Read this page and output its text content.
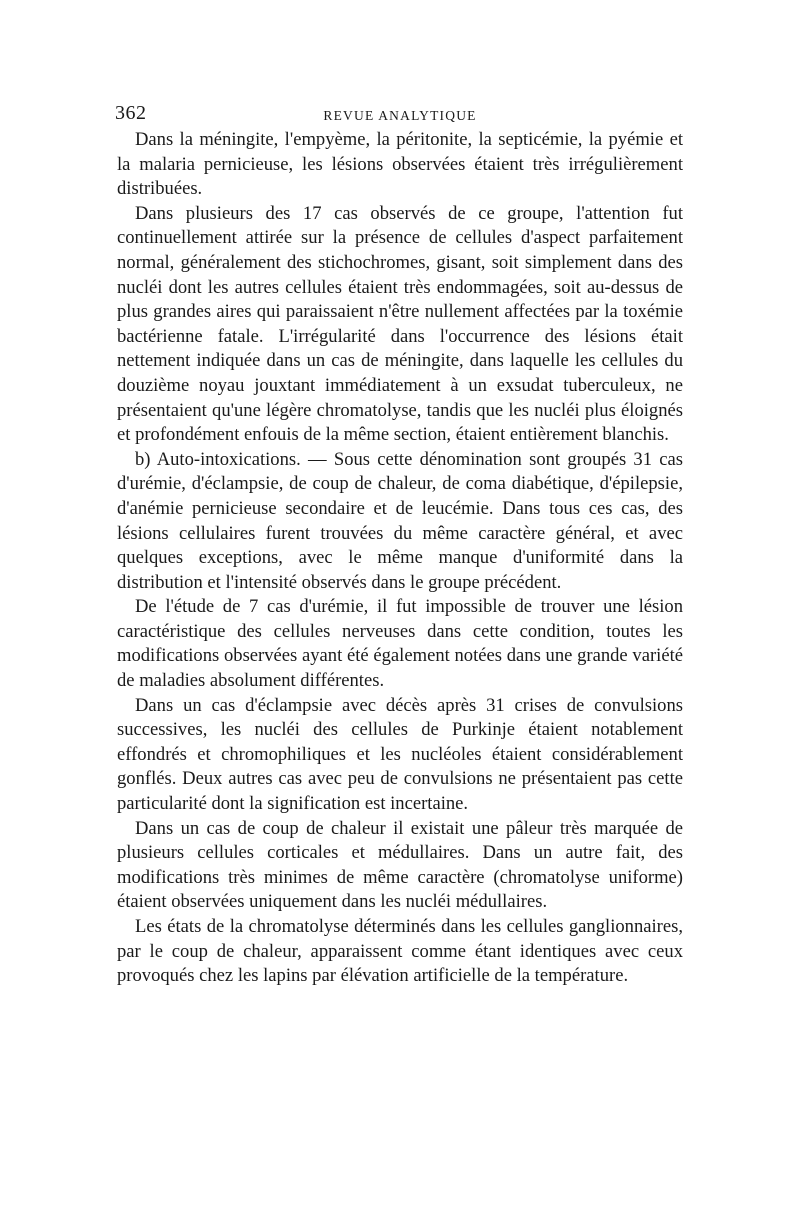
362	REVUE ANALYTIQUE

Dans la méningite, l'empyème, la péritonite, la septicémie, la pyémie et la malaria pernicieuse, les lésions observées étaient très irrégulièrement distribuées.

Dans plusieurs des 17 cas observés de ce groupe, l'attention fut continuellement attirée sur la présence de cellules d'aspect parfaitement normal, généralement des stichochromes, gisant, soit simplement dans des nucléi dont les autres cellules étaient très endommagées, soit au-dessus de plus grandes aires qui paraissaient n'être nullement affectées par la toxémie bactérienne fatale. L'irrégularité dans l'occurrence des lésions était nettement indiquée dans un cas de méningite, dans laquelle les cellules du douzième noyau jouxtant immédiatement à un exsudat tuberculeux, ne présentaient qu'une légère chromatolyse, tandis que les nucléi plus éloignés et profondément enfouis de la même section, étaient entièrement blanchis.

b) Auto-intoxications. — Sous cette dénomination sont groupés 31 cas d'urémie, d'éclampsie, de coup de chaleur, de coma diabétique, d'épilepsie, d'anémie pernicieuse secondaire et de leucémie. Dans tous ces cas, des lésions cellulaires furent trouvées du même caractère général, et avec quelques exceptions, avec le même manque d'uniformité dans la distribution et l'intensité observés dans le groupe précédent.

De l'étude de 7 cas d'urémie, il fut impossible de trouver une lésion caractéristique des cellules nerveuses dans cette condition, toutes les modifications observées ayant été également notées dans une grande variété de maladies absolument différentes.

Dans un cas d'éclampsie avec décès après 31 crises de convulsions successives, les nucléi des cellules de Purkinje étaient notablement effondrés et chromophiliques et les nucléoles étaient considérablement gonflés. Deux autres cas avec peu de convulsions ne présentaient pas cette particularité dont la signification est incertaine.

Dans un cas de coup de chaleur il existait une pâleur très marquée de plusieurs cellules corticales et médullaires. Dans un autre fait, des modifications très minimes de même caractère (chromatolyse uniforme) étaient observées uniquement dans les nucléi médullaires.

Les états de la chromatolyse déterminés dans les cellules ganglionnaires, par le coup de chaleur, apparaissent comme étant identiques avec ceux provoqués chez les lapins par élévation artificielle de la température.
